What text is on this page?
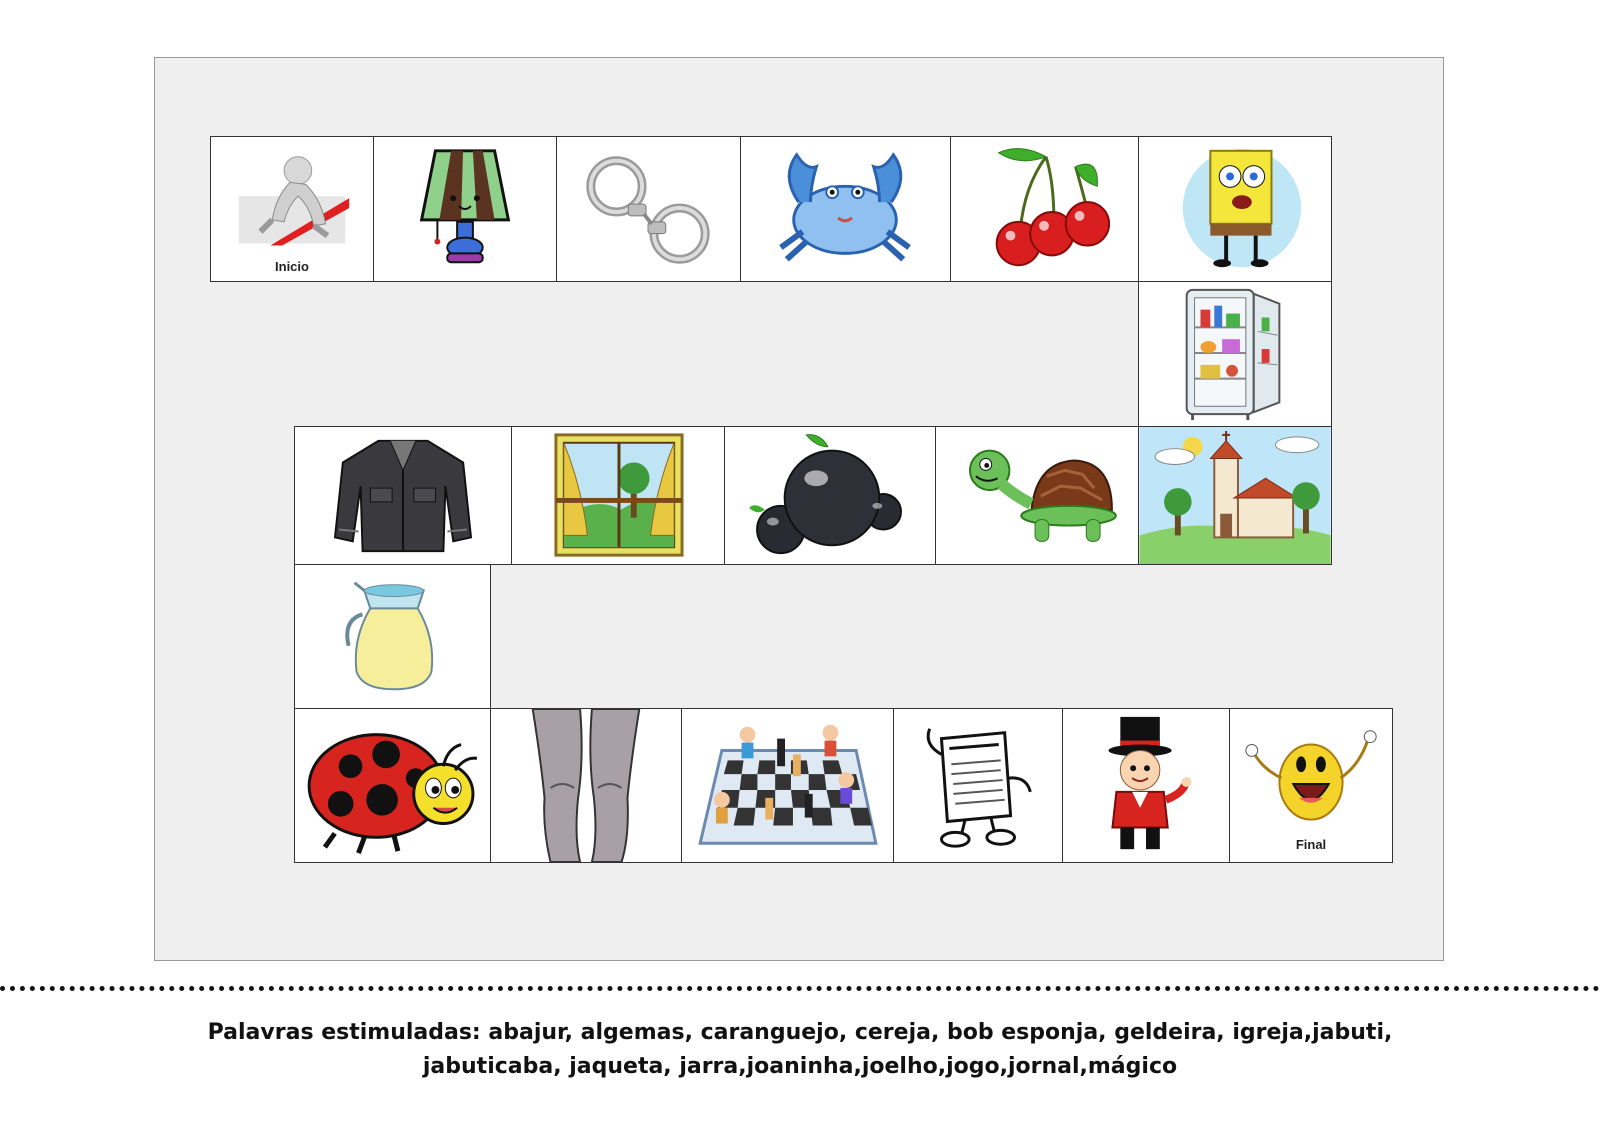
Inicio
Final
Palavras estimuladas: abajur, algemas, caranguejo, cereja, bob esponja, geldeira, igreja,jabuti,
jabuticaba, jaqueta, jarra,joaninha,joelho,jogo,jornal,mágico
